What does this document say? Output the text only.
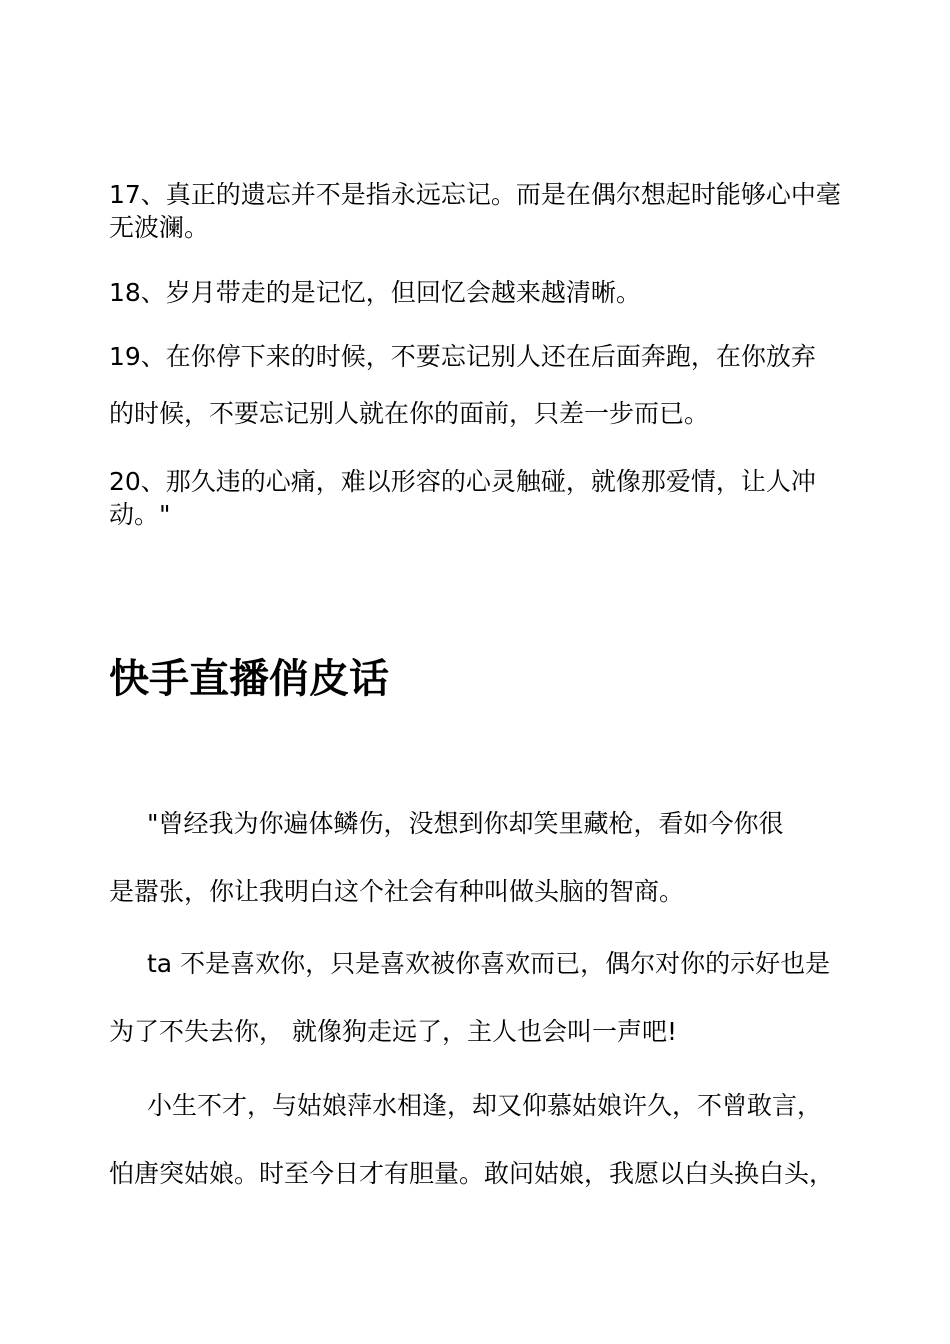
17、真正的遗忘并不是指永远忘记。而是在偶尔想起时能够心中毫
无波澜。
18、岁月带走的是记忆，但回忆会越来越清晰。
19、在你停下来的时候，不要忘记别人还在后面奔跑，在你放弃
的时候，不要忘记别人就在你的面前，只差一步而已。
20、那久违的心痛，难以形容的心灵触碰，就像那爱情，让人冲
动。"
快手直播俏皮话
"曾经我为你遍体鳞伤，没想到你却笑里藏枪，看如今你很
是嚣张，你让我明白这个社会有种叫做头脑的智商。
ta 不是喜欢你，只是喜欢被你喜欢而已，偶尔对你的示好也是
为了不失去你， 就像狗走远了，主人也会叫一声吧!
小生不才，与姑娘萍水相逢，却又仰慕姑娘许久，不曾敢言，
怕唐突姑娘。时至今日才有胆量。敢问姑娘，我愿以白头换白头，
